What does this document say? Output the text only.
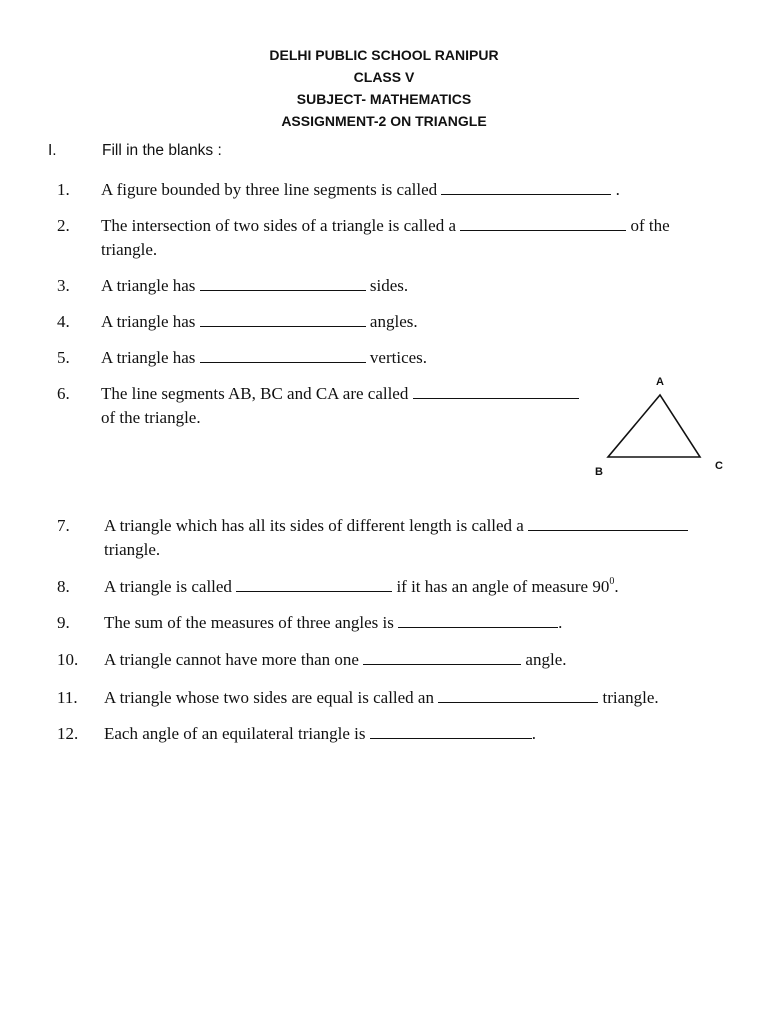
DELHI PUBLIC SCHOOL RANIPUR
CLASS V
SUBJECT- MATHEMATICS
ASSIGNMENT-2 ON TRIANGLE
I.	Fill in the blanks :
1. A figure bounded by three line segments is called	.
2. The intersection of two sides of a triangle is called a	of the
triangle.
3. A triangle has	sides.
4. A triangle has	angles.
5. A triangle has	vertices.
6. The line segments AB, BC and CA are called
of the triangle.
A
B	C
7. A triangle which has all its sides of different length is called a
triangle.
8. A triangle is called	if it has an angle of measure $90^0$.
9. The sum of the measures of three angles is	.
10. A triangle cannot have more than one	angle.
11. A triangle whose two sides are equal is called an	triangle.
12. Each angle of an equilateral triangle is	.
